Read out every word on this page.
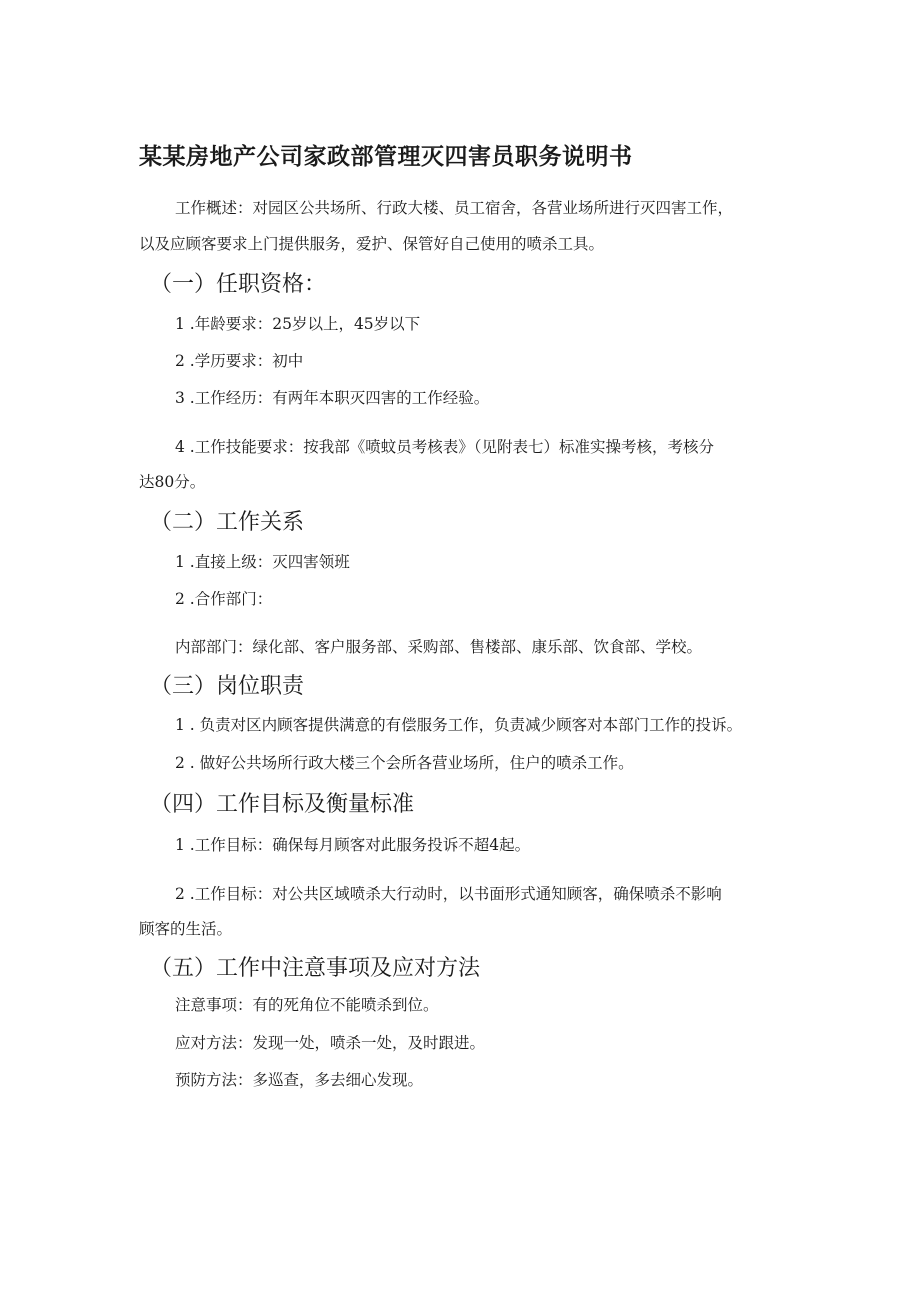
某某房地产公司家政部管理灭四害员职务说明书
工作概述：对园区公共场所、行政大楼、员工宿舍，各营业场所进行灭四害工作，
以及应顾客要求上门提供服务，爱护、保管好自己使用的喷杀工具。
（一）任职资格：
1 .年龄要求：25岁以上，45岁以下
2 .学历要求：初中
3 .工作经历：有两年本职灭四害的工作经验。
4 .工作技能要求：按我部《喷蚊员考核表》（见附表七）标准实操考核，考核分
达80分。
（二）工作关系
1 .直接上级：灭四害领班
2 .合作部门：
内部部门：绿化部、客户服务部、采购部、售楼部、康乐部、饮食部、学校。
（三）岗位职责
1 . 负责对区内顾客提供满意的有偿服务工作，负责减少顾客对本部门工作的投诉。
2 . 做好公共场所行政大楼三个会所各营业场所，住户的喷杀工作。
（四）工作目标及衡量标准
1 .工作目标：确保每月顾客对此服务投诉不超4起。
2 .工作目标：对公共区域喷杀大行动时，以书面形式通知顾客，确保喷杀不影响
顾客的生活。
（五）工作中注意事项及应对方法
注意事项：有的死角位不能喷杀到位。
应对方法：发现一处，喷杀一处，及时跟进。
预防方法：多巡查，多去细心发现。
